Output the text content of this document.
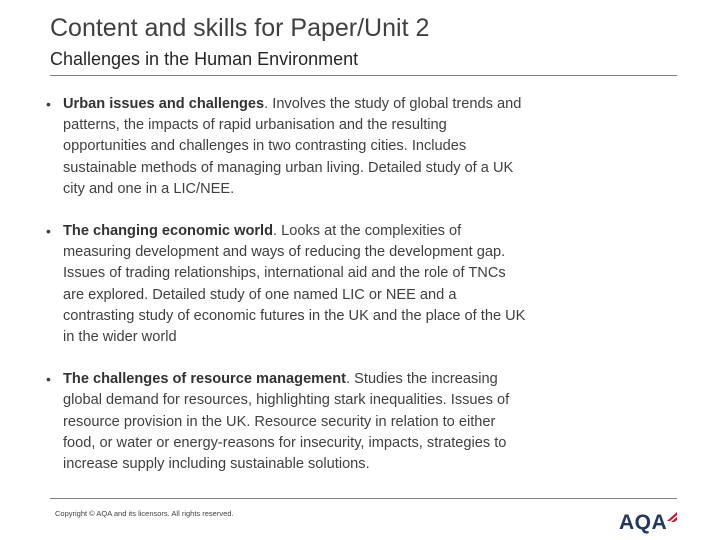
Content and skills for Paper/Unit 2
Challenges in the Human Environment
• Urban issues and challenges. Involves the study of global trends and patterns, the impacts of rapid urbanisation and the resulting opportunities and challenges in two contrasting cities. Includes sustainable methods of managing urban living. Detailed study of a UK city and one in a LIC/NEE.
• The changing economic world. Looks at the complexities of measuring development and ways of reducing the development gap. Issues of trading relationships, international aid and the role of TNCs are explored. Detailed study of one named LIC or NEE and a contrasting study of economic futures in the UK and the place of the UK in the wider world
• The challenges of resource management. Studies the increasing global demand for resources, highlighting stark inequalities. Issues of resource provision in the UK. Resource security in relation to either food, or water or energy-reasons for insecurity, impacts, strategies to increase supply including sustainable solutions.
Copyright © AQA and its licensors. All rights reserved.	AQA
